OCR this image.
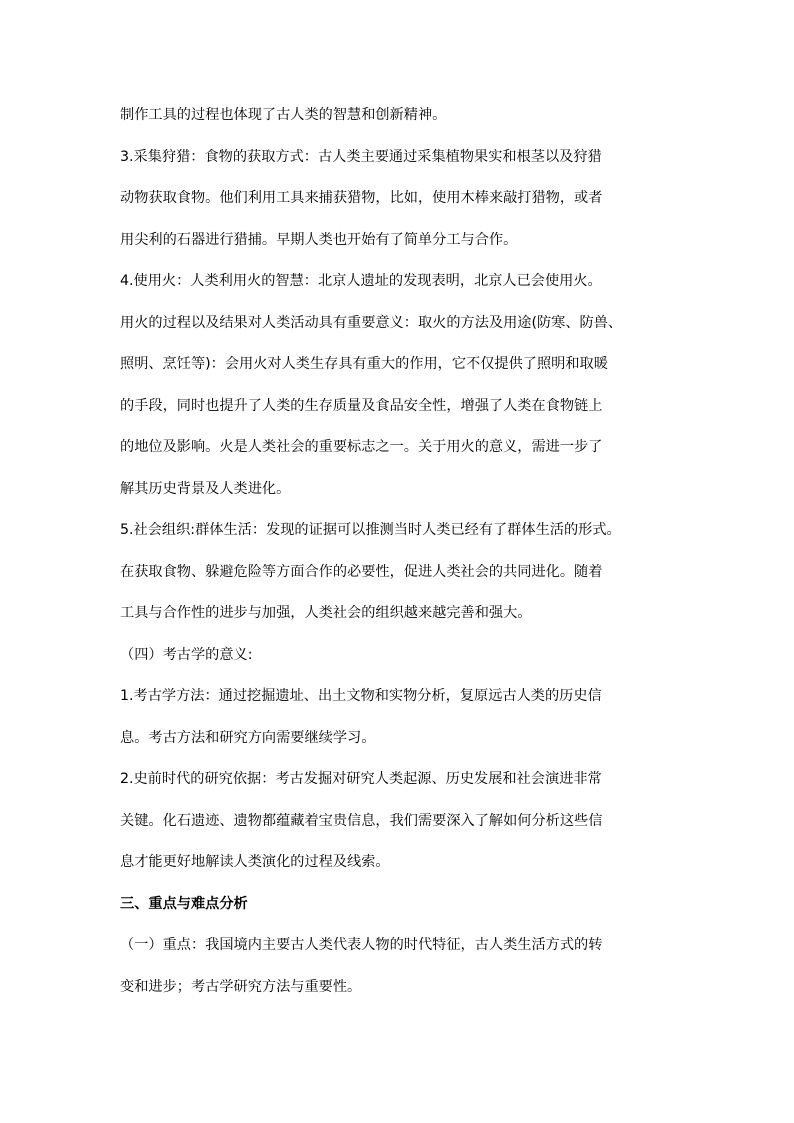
制作工具的过程也体现了古人类的智慧和创新精神。
3.采集狩猎：食物的获取方式：古人类主要通过采集植物果实和根茎以及狩猎
动物获取食物。他们利用工具来捕获猎物，比如，使用木棒来敲打猎物，或者
用尖利的石器进行猎捕。早期人类也开始有了简单分工与合作。
4.使用火：人类利用火的智慧：北京人遗址的发现表明，北京人已会使用火。
用火的过程以及结果对人类活动具有重要意义：取火的方法及用途(防寒、防兽、
照明、烹饪等)：会用火对人类生存具有重大的作用，它不仅提供了照明和取暖
的手段，同时也提升了人类的生存质量及食品安全性，增强了人类在食物链上
的地位及影响。火是人类社会的重要标志之一。关于用火的意义，需进一步了
解其历史背景及人类进化。
5.社会组织:群体生活：发现的证据可以推测当时人类已经有了群体生活的形式。
在获取食物、躲避危险等方面合作的必要性，促进人类社会的共同进化。随着
工具与合作性的进步与加强，人类社会的组织越来越完善和强大。
（四）考古学的意义:
1.考古学方法：通过挖掘遗址、出土文物和实物分析，复原远古人类的历史信
息。考古方法和研究方向需要继续学习。
2.史前时代的研究依据：考古发掘对研究人类起源、历史发展和社会演进非常
关键。化石遗迹、遗物都蕴藏着宝贵信息，我们需要深入了解如何分析这些信
息才能更好地解读人类演化的过程及线索。
三、重点与难点分析
（一）重点：我国境内主要古人类代表人物的时代特征，古人类生活方式的转
变和进步；考古学研究方法与重要性。
